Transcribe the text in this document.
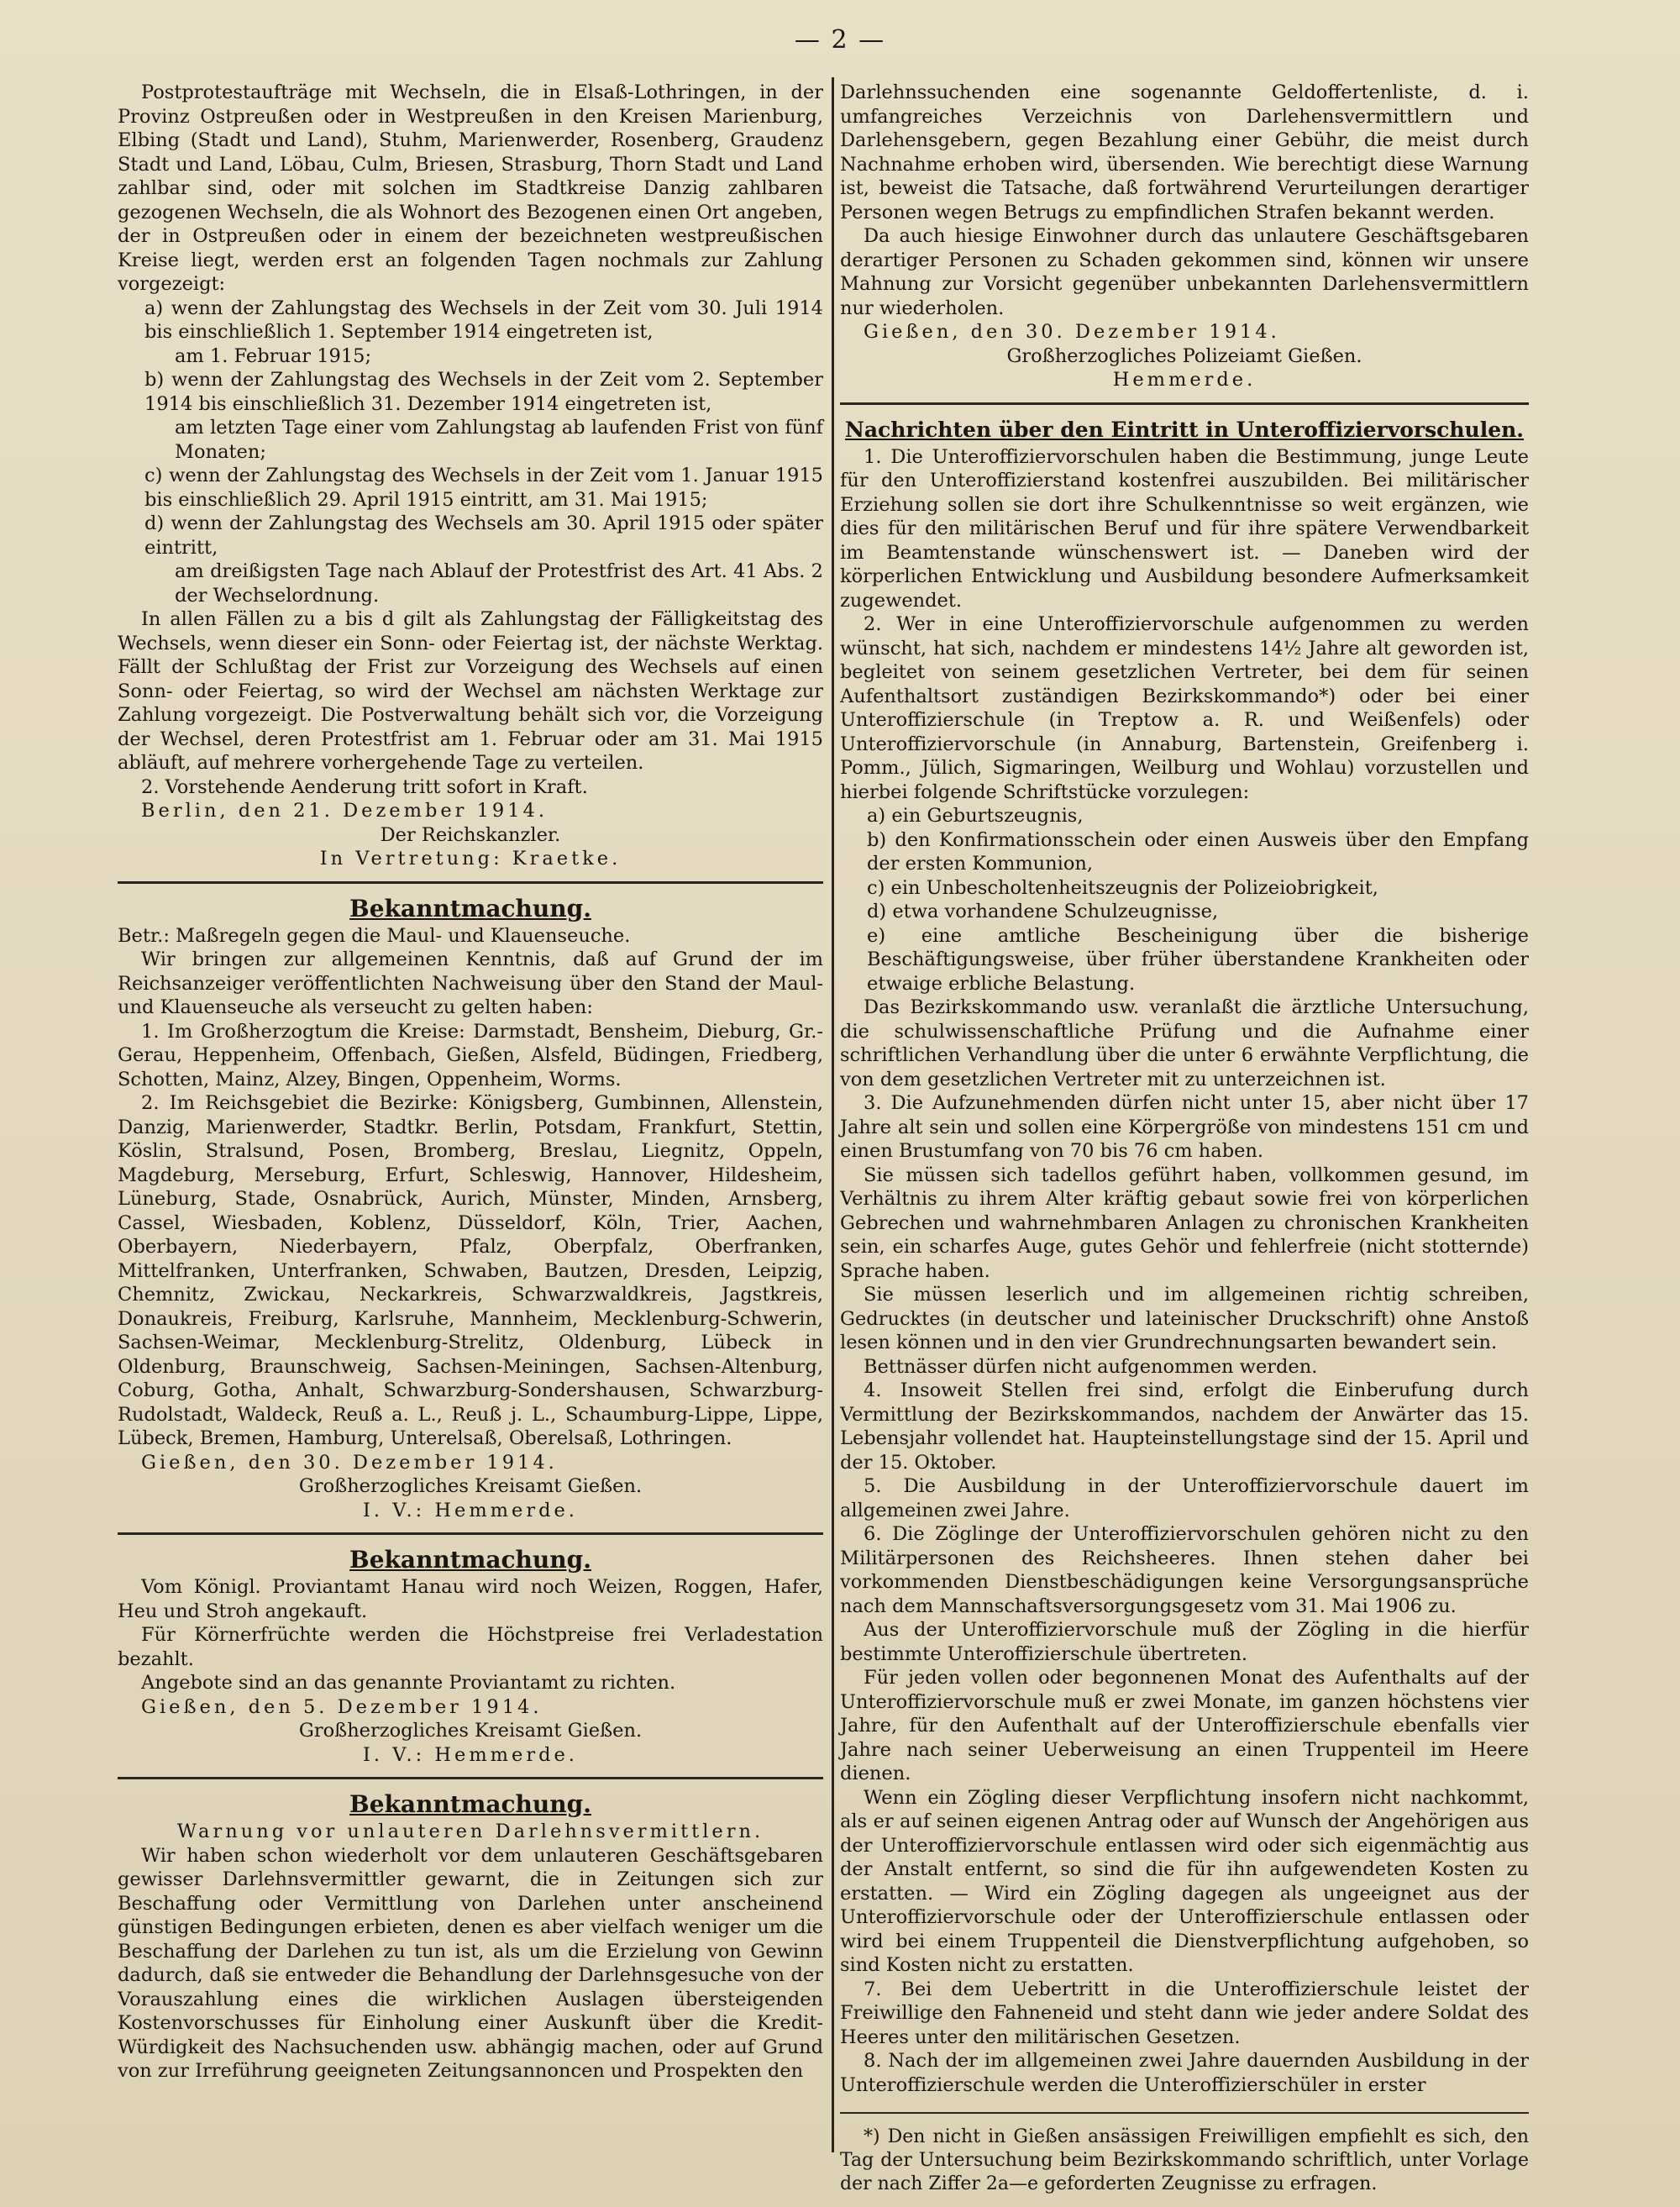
— 2 —

Postprotestaufträge mit Wechseln, die in Elsaß-Lothringen, in der Provinz Ostpreußen oder in Westpreußen in den Kreisen Marienburg, Elbing (Stadt und Land), Stuhm, Marienwerder, Rosenberg, Graudenz Stadt und Land, Löbau, Culm, Briesen, Strasburg, Thorn Stadt und Land zahlbar sind, oder mit solchen im Stadtkreise Danzig zahlbaren gezogenen Wechseln, die als Wohnort des Bezogenen einen Ort angeben, der in Ostpreußen oder in einem der bezeichneten westpreußischen Kreise liegt, werden erst an folgenden Tagen nochmals zur Zahlung vorgezeigt:

a) wenn der Zahlungstag des Wechsels in der Zeit vom 30. Juli 1914 bis einschließlich 1. September 1914 eingetreten ist,

am 1. Februar 1915;

b) wenn der Zahlungstag des Wechsels in der Zeit vom 2. September 1914 bis einschließlich 31. Dezember 1914 eingetreten ist,

am letzten Tage einer vom Zahlungstag ab laufenden Frist von fünf Monaten;

c) wenn der Zahlungstag des Wechsels in der Zeit vom 1. Januar 1915 bis einschließlich 29. April 1915 eintritt, am 31. Mai 1915;

d) wenn der Zahlungstag des Wechsels am 30. April 1915 oder später eintritt,

am dreißigsten Tage nach Ablauf der Protestfrist des Art. 41 Abs. 2 der Wechselordnung.

In allen Fällen zu a bis d gilt als Zahlungstag der Fälligkeitstag des Wechsels, wenn dieser ein Sonn- oder Feiertag ist, der nächste Werktag. Fällt der Schlußtag der Frist zur Vorzeigung des Wechsels auf einen Sonn- oder Feiertag, so wird der Wechsel am nächsten Werktage zur Zahlung vorgezeigt. Die Postverwaltung behält sich vor, die Vorzeigung der Wechsel, deren Protestfrist am 1. Februar oder am 31. Mai 1915 abläuft, auf mehrere vorhergehende Tage zu verteilen.

2. Vorstehende Aenderung tritt sofort in Kraft.

Berlin, den 21. Dezember 1914.

Der Reichskanzler.

In Vertretung: Kraetke.

Bekanntmachung.

Betr.: Maßregeln gegen die Maul- und Klauenseuche.

Wir bringen zur allgemeinen Kenntnis, daß auf Grund der im Reichsanzeiger veröffentlichten Nachweisung über den Stand der Maul- und Klauenseuche als verseucht zu gelten haben:

1. Im Großherzogtum die Kreise: Darmstadt, Bensheim, Dieburg, Gr.-Gerau, Heppenheim, Offenbach, Gießen, Alsfeld, Büdingen, Friedberg, Schotten, Mainz, Alzey, Bingen, Oppenheim, Worms.

2. Im Reichsgebiet die Bezirke: Königsberg, Gumbinnen, Allenstein, Danzig, Marienwerder, Stadtkr. Berlin, Potsdam, Frankfurt, Stettin, Köslin, Stralsund, Posen, Bromberg, Breslau, Liegnitz, Oppeln, Magdeburg, Merseburg, Erfurt, Schleswig, Hannover, Hildesheim, Lüneburg, Stade, Osnabrück, Aurich, Münster, Minden, Arnsberg, Cassel, Wiesbaden, Koblenz, Düsseldorf, Köln, Trier, Aachen, Oberbayern, Niederbayern, Pfalz, Oberpfalz, Oberfranken, Mittelfranken, Unterfranken, Schwaben, Bautzen, Dresden, Leipzig, Chemnitz, Zwickau, Neckarkreis, Schwarzwaldkreis, Jagstkreis, Donaukreis, Freiburg, Karlsruhe, Mannheim, Mecklenburg-Schwerin, Sachsen-Weimar, Mecklenburg-Strelitz, Oldenburg, Lübeck in Oldenburg, Braunschweig, Sachsen-Meiningen, Sachsen-Altenburg, Coburg, Gotha, Anhalt, Schwarzburg-Sondershausen, Schwarzburg-Rudolstadt, Waldeck, Reuß a. L., Reuß j. L., Schaumburg-Lippe, Lippe, Lübeck, Bremen, Hamburg, Unterelsaß, Oberelsaß, Lothringen.

Gießen, den 30. Dezember 1914.

Großherzogliches Kreisamt Gießen.

I. V.: Hemmerde.

Bekanntmachung.

Vom Königl. Proviantamt Hanau wird noch Weizen, Roggen, Hafer, Heu und Stroh angekauft.

Für Körnerfrüchte werden die Höchstpreise frei Verladestation bezahlt.

Angebote sind an das genannte Proviantamt zu richten.

Gießen, den 5. Dezember 1914.

Großherzogliches Kreisamt Gießen.

I. V.: Hemmerde.

Bekanntmachung.

Warnung vor unlauteren Darlehnsvermittlern.

Wir haben schon wiederholt vor dem unlauteren Geschäftsgebaren gewisser Darlehnsvermittler gewarnt, die in Zeitungen sich zur Beschaffung oder Vermittlung von Darlehen unter anscheinend günstigen Bedingungen erbieten, denen es aber vielfach weniger um die Beschaffung der Darlehen zu tun ist, als um die Erzielung von Gewinn dadurch, daß sie entweder die Behandlung der Darlehnsgesuche von der Vorauszahlung eines die wirklichen Auslagen übersteigenden Kostenvorschusses für Einholung einer Auskunft über die Kredit-Würdigkeit des Nachsuchenden usw. abhängig machen, oder auf Grund von zur Irreführung geeigneten Zeitungsannoncen und Prospekten den

Darlehnssuchenden eine sogenannte Geldoffertenliste, d. i. umfangreiches Verzeichnis von Darlehensvermittlern und Darlehensgebern, gegen Bezahlung einer Gebühr, die meist durch Nachnahme erhoben wird, übersenden. Wie berechtigt diese Warnung ist, beweist die Tatsache, daß fortwährend Verurteilungen derartiger Personen wegen Betrugs zu empfindlichen Strafen bekannt werden.

Da auch hiesige Einwohner durch das unlautere Geschäftsgebaren derartiger Personen zu Schaden gekommen sind, können wir unsere Mahnung zur Vorsicht gegenüber unbekannten Darlehensvermittlern nur wiederholen.

Gießen, den 30. Dezember 1914.

Großherzogliches Polizeiamt Gießen.

Hemmerde.

Nachrichten über den Eintritt in Unteroffiziervorschulen.

1. Die Unteroffiziervorschulen haben die Bestimmung, junge Leute für den Unteroffizierstand kostenfrei auszubilden. Bei militärischer Erziehung sollen sie dort ihre Schulkenntnisse so weit ergänzen, wie dies für den militärischen Beruf und für ihre spätere Verwendbarkeit im Beamtenstande wünschenswert ist. — Daneben wird der körperlichen Entwicklung und Ausbildung besondere Aufmerksamkeit zugewendet.

2. Wer in eine Unteroffiziervorschule aufgenommen zu werden wünscht, hat sich, nachdem er mindestens 14½ Jahre alt geworden ist, begleitet von seinem gesetzlichen Vertreter, bei dem für seinen Aufenthaltsort zuständigen Bezirkskommando*) oder bei einer Unteroffizierschule (in Treptow a. R. und Weißenfels) oder Unteroffiziervorschule (in Annaburg, Bartenstein, Greifenberg i. Pomm., Jülich, Sigmaringen, Weilburg und Wohlau) vorzustellen und hierbei folgende Schriftstücke vorzulegen:

a) ein Geburtszeugnis,

b) den Konfirmationsschein oder einen Ausweis über den Empfang der ersten Kommunion,

c) ein Unbescholtenheitszeugnis der Polizeiobrigkeit,

d) etwa vorhandene Schulzeugnisse,

e) eine amtliche Bescheinigung über die bisherige Beschäftigungsweise, über früher überstandene Krankheiten oder etwaige erbliche Belastung.

Das Bezirkskommando usw. veranlaßt die ärztliche Untersuchung, die schulwissenschaftliche Prüfung und die Aufnahme einer schriftlichen Verhandlung über die unter 6 erwähnte Verpflichtung, die von dem gesetzlichen Vertreter mit zu unterzeichnen ist.

3. Die Aufzunehmenden dürfen nicht unter 15, aber nicht über 17 Jahre alt sein und sollen eine Körpergröße von mindestens 151 cm und einen Brustumfang von 70 bis 76 cm haben.

Sie müssen sich tadellos geführt haben, vollkommen gesund, im Verhältnis zu ihrem Alter kräftig gebaut sowie frei von körperlichen Gebrechen und wahrnehmbaren Anlagen zu chronischen Krankheiten sein, ein scharfes Auge, gutes Gehör und fehlerfreie (nicht stotternde) Sprache haben.

Sie müssen leserlich und im allgemeinen richtig schreiben, Gedrucktes (in deutscher und lateinischer Druckschrift) ohne Anstoß lesen können und in den vier Grundrechnungsarten bewandert sein.

Bettnässer dürfen nicht aufgenommen werden.

4. Insoweit Stellen frei sind, erfolgt die Einberufung durch Vermittlung der Bezirkskommandos, nachdem der Anwärter das 15. Lebensjahr vollendet hat. Haupteinstellungstage sind der 15. April und der 15. Oktober.

5. Die Ausbildung in der Unteroffiziervorschule dauert im allgemeinen zwei Jahre.

6. Die Zöglinge der Unteroffiziervorschulen gehören nicht zu den Militärpersonen des Reichsheeres. Ihnen stehen daher bei vorkommenden Dienstbeschädigungen keine Versorgungsansprüche nach dem Mannschaftsversorgungsgesetz vom 31. Mai 1906 zu.

Aus der Unteroffiziervorschule muß der Zögling in die hierfür bestimmte Unteroffizierschule übertreten.

Für jeden vollen oder begonnenen Monat des Aufenthalts auf der Unteroffiziervorschule muß er zwei Monate, im ganzen höchstens vier Jahre, für den Aufenthalt auf der Unteroffizierschule ebenfalls vier Jahre nach seiner Ueberweisung an einen Truppenteil im Heere dienen.

Wenn ein Zögling dieser Verpflichtung insofern nicht nachkommt, als er auf seinen eigenen Antrag oder auf Wunsch der Angehörigen aus der Unteroffiziervorschule entlassen wird oder sich eigenmächtig aus der Anstalt entfernt, so sind die für ihn aufgewendeten Kosten zu erstatten. — Wird ein Zögling dagegen als ungeeignet aus der Unteroffiziervorschule oder der Unteroffizierschule entlassen oder wird bei einem Truppenteil die Dienstverpflichtung aufgehoben, so sind Kosten nicht zu erstatten.

7. Bei dem Uebertritt in die Unteroffizierschule leistet der Freiwillige den Fahneneid und steht dann wie jeder andere Soldat des Heeres unter den militärischen Gesetzen.

8. Nach der im allgemeinen zwei Jahre dauernden Ausbildung in der Unteroffizierschule werden die Unteroffizierschüler in erster

*) Den nicht in Gießen ansässigen Freiwilligen empfiehlt es sich, den Tag der Untersuchung beim Bezirkskommando schriftlich, unter Vorlage der nach Ziffer 2a—e geforderten Zeugnisse zu erfragen.
